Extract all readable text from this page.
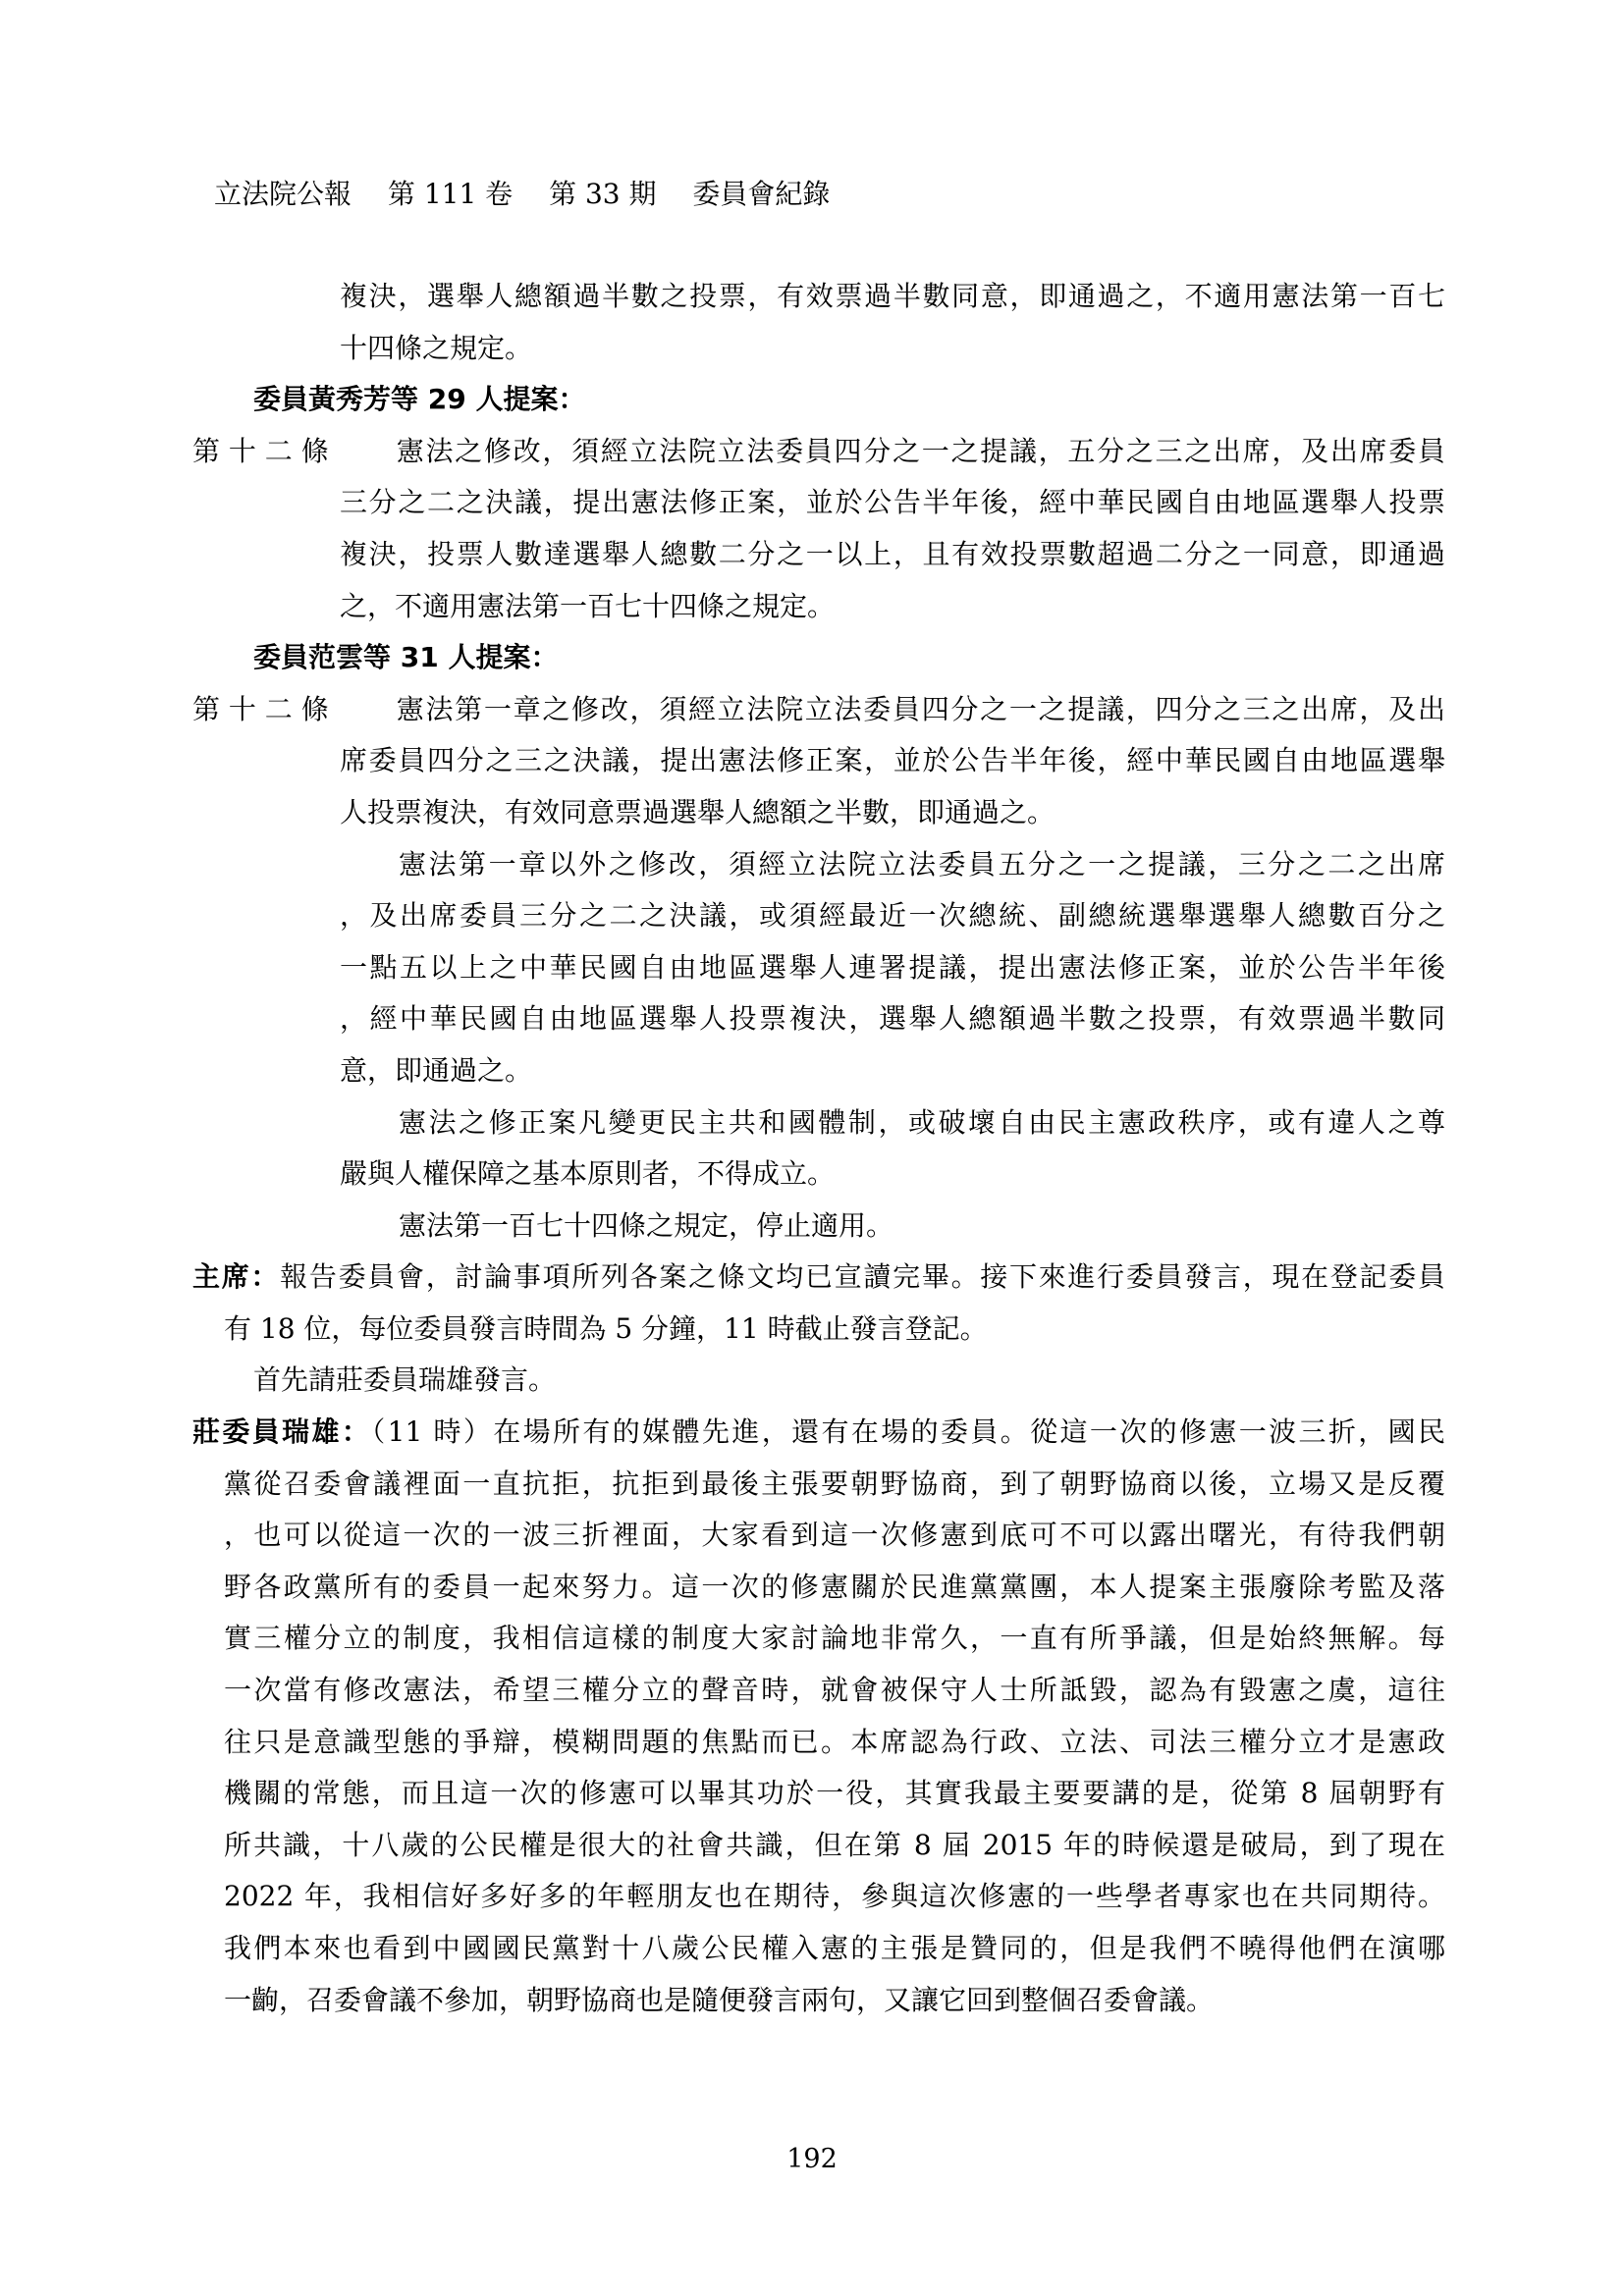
立法院公報 第 111 卷 第 33 期 委員會紀錄
複決，選舉人總額過半數之投票，有效票過半數同意，即通過之，不適用憲法第一百七
十四條之規定。
委員黃秀芳等 29 人提案：
第 十 二 條 憲法之修改，須經立法院立法委員四分之一之提議，五分之三之出席，及出席委員
三分之二之決議，提出憲法修正案，並於公告半年後，經中華民國自由地區選舉人投票
複決，投票人數達選舉人總數二分之一以上，且有效投票數超過二分之一同意，即通過
之，不適用憲法第一百七十四條之規定。
委員范雲等 31 人提案：
第 十 二 條 憲法第一章之修改，須經立法院立法委員四分之一之提議，四分之三之出席，及出
席委員四分之三之決議，提出憲法修正案，並於公告半年後，經中華民國自由地區選舉
人投票複決，有效同意票過選舉人總額之半數，即通過之。
憲法第一章以外之修改，須經立法院立法委員五分之一之提議，三分之二之出席
，及出席委員三分之二之決議，或須經最近一次總統、副總統選舉選舉人總數百分之
一點五以上之中華民國自由地區選舉人連署提議，提出憲法修正案，並於公告半年後
，經中華民國自由地區選舉人投票複決，選舉人總額過半數之投票，有效票過半數同
意，即通過之。
憲法之修正案凡變更民主共和國體制，或破壞自由民主憲政秩序，或有違人之尊
嚴與人權保障之基本原則者，不得成立。
憲法第一百七十四條之規定，停止適用。
主席：報告委員會，討論事項所列各案之條文均已宣讀完畢。接下來進行委員發言，現在登記委員
有 18 位，每位委員發言時間為 5 分鐘，11 時截止發言登記。
首先請莊委員瑞雄發言。
莊委員瑞雄：（11 時）在場所有的媒體先進，還有在場的委員。從這一次的修憲一波三折，國民
黨從召委會議裡面一直抗拒，抗拒到最後主張要朝野協商，到了朝野協商以後，立場又是反覆
，也可以從這一次的一波三折裡面，大家看到這一次修憲到底可不可以露出曙光，有待我們朝
野各政黨所有的委員一起來努力。這一次的修憲關於民進黨黨團，本人提案主張廢除考監及落
實三權分立的制度，我相信這樣的制度大家討論地非常久，一直有所爭議，但是始終無解。每
一次當有修改憲法，希望三權分立的聲音時，就會被保守人士所詆毀，認為有毀憲之虞，這往
往只是意識型態的爭辯，模糊問題的焦點而已。本席認為行政、立法、司法三權分立才是憲政
機關的常態，而且這一次的修憲可以畢其功於一役，其實我最主要要講的是，從第 8 屆朝野有
所共識，十八歲的公民權是很大的社會共識，但在第 8 屆 2015 年的時候還是破局，到了現在
2022 年，我相信好多好多的年輕朋友也在期待，參與這次修憲的一些學者專家也在共同期待。
我們本來也看到中國國民黨對十八歲公民權入憲的主張是贊同的，但是我們不曉得他們在演哪
一齣，召委會議不參加，朝野協商也是隨便發言兩句，又讓它回到整個召委會議。
192
